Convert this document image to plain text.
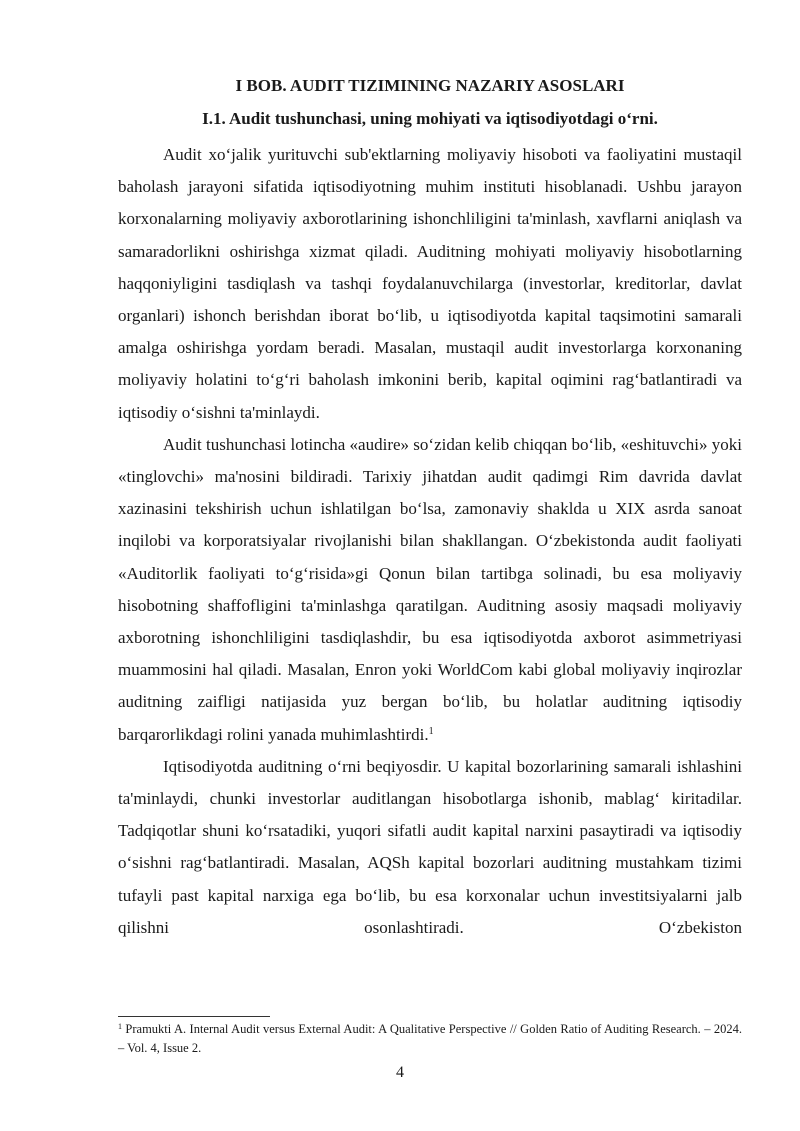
I BOB. AUDIT TIZIMINING NAZARIY ASOSLARI
I.1. Audit tushunchasi, uning mohiyati va iqtisodiyotdagi o‘rni.

Audit xo‘jalik yurituvchi sub'ektlarning moliyaviy hisoboti va faoliyatini mustaqil baholash jarayoni sifatida iqtisodiyotning muhim instituti hisoblanadi. Ushbu jarayon korxonalarning moliyaviy axborotlarining ishonchliligini ta'minlash, xavflarni aniqlash va samaradorlikni oshirishga xizmat qiladi. Auditning mohiyati moliyaviy hisobotlarning haqqoniyligini tasdiqlash va tashqi foydalanuvchilarga (investorlar, kreditorlar, davlat organlari) ishonch berishdan iborat bo‘lib, u iqtisodiyotda kapital taqsimotini samarali amalga oshirishga yordam beradi. Masalan, mustaqil audit investorlarga korxonaning moliyaviy holatini to‘g‘ri baholash imkonini berib, kapital oqimini rag‘batlantiradi va iqtisodiy o‘sishni ta'minlaydi.

Audit tushunchasi lotincha «audire» so‘zidan kelib chiqqan bo‘lib, «eshituvchi» yoki «tinglovchi» ma'nosini bildiradi. Tarixiy jihatdan audit qadimgi Rim davrida davlat xazinasini tekshirish uchun ishlatilgan bo‘lsa, zamonaviy shaklda u XIX asrda sanoat inqilobi va korporatsiyalar rivojlanishi bilan shakllangan. O‘zbekistonda audit faoliyati «Auditorlik faoliyati to‘g‘risida»gi Qonun bilan tartibga solinadi, bu esa moliyaviy hisobotning shaffofligini ta'minlashga qaratilgan. Auditning asosiy maqsadi moliyaviy axborotning ishonchliligini tasdiqlashdir, bu esa iqtisodiyotda axborot asimmetriyasi muammosini hal qiladi. Masalan, Enron yoki WorldCom kabi global moliyaviy inqirozlar auditning zaifligi natijasida yuz bergan bo‘lib, bu holatlar auditning iqtisodiy barqarorlikdagi rolini yanada muhimlashtirdi.$^1$

Iqtisodiyotda auditning o‘rni beqiyosdir. U kapital bozorlarining samarali ishlashini ta'minlaydi, chunki investorlar auditlangan hisobotlarga ishonib, mablag‘ kiritadilar. Tadqiqotlar shuni ko‘rsatadiki, yuqori sifatli audit kapital narxini pasaytiradi va iqtisodiy o‘sishni rag‘batlantiradi. Masalan, AQSh kapital bozorlari auditning mustahkam tizimi tufayli past kapital narxiga ega bo‘lib, bu esa korxonalar uchun investitsiyalarni jalb qilishni osonlashtiradi. O‘zbekiston

$^1$ Pramukti A. Internal Audit versus External Audit: A Qualitative Perspective // Golden Ratio of Auditing Research. – 2024. – Vol. 4, Issue 2.

4
